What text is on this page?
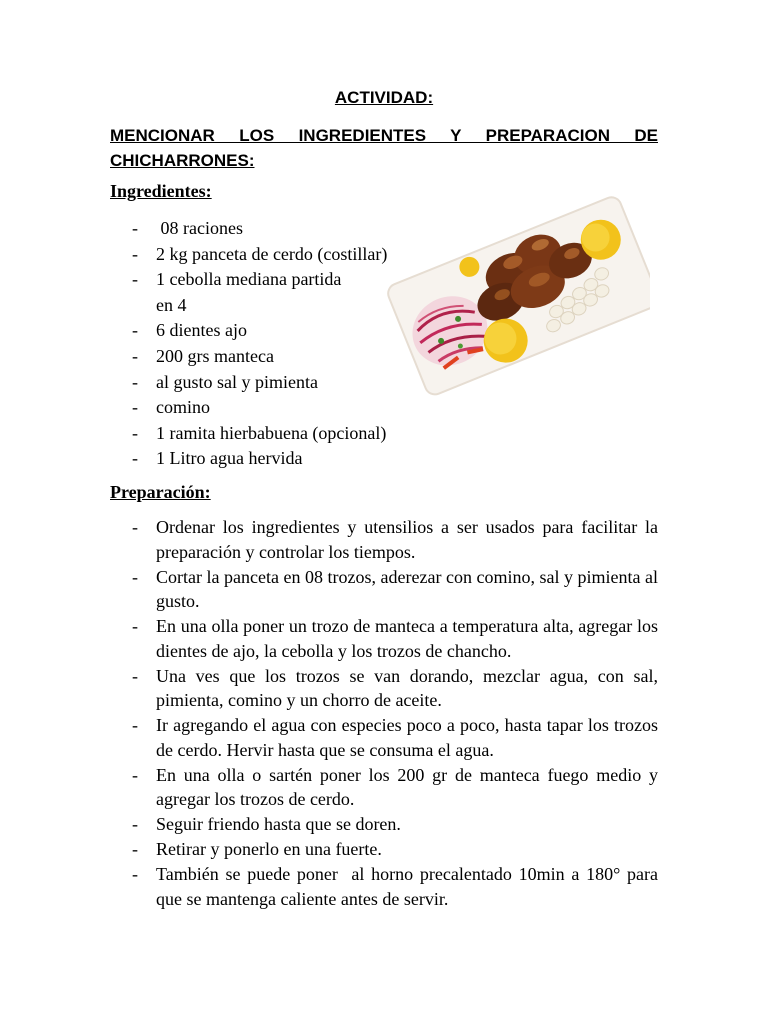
ACTIVIDAD:
MENCIONAR LOS INGREDIENTES Y PREPARACION DE CHICHARRONES:
Ingredientes:
-  08 raciones
- 2 kg panceta de cerdo (costillar)
- 1 cebolla mediana partida en 4
- 6 dientes ajo
- 200 grs manteca
- al gusto sal y pimienta
- comino
- 1 ramita hierbabuena (opcional)
- 1 Litro agua hervida
Preparación:
- Ordenar los ingredientes y utensilios a ser usados para facilitar la preparación y controlar los tiempos.
- Cortar la panceta en 08 trozos, aderezar con comino, sal y pimienta al gusto.
- En una olla poner un trozo de manteca a temperatura alta, agregar los dientes de ajo, la cebolla y los trozos de chancho.
- Una ves que los trozos se van dorando, mezclar agua, con sal, pimienta, comino y un chorro de aceite.
- Ir agregando el agua con especies poco a poco, hasta tapar los trozos de cerdo. Hervir hasta que se consuma el agua.
- En una olla o sartén poner los 200 gr de manteca fuego medio y agregar los trozos de cerdo.
- Seguir friendo hasta que se doren.
- Retirar y ponerlo en una fuerte.
- También se puede poner  al horno precalentado 10min a 180° para que se mantenga caliente antes de servir.
